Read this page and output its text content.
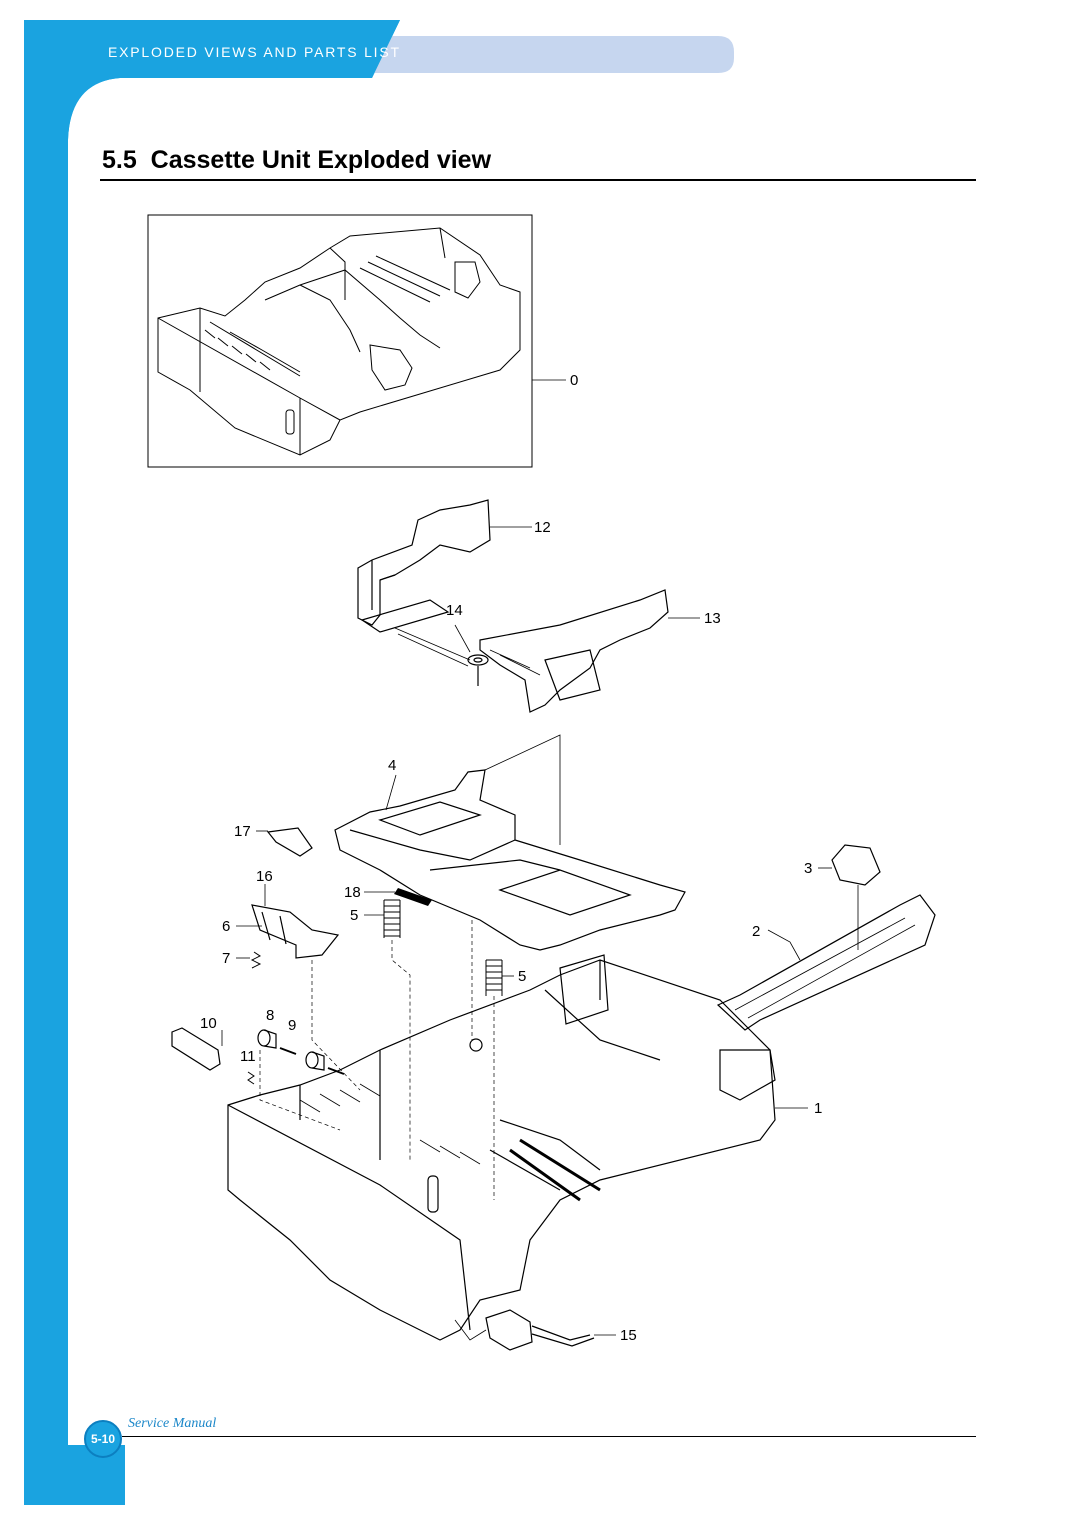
EXPLODED VIEWS AND PARTS LIST
5.5  Cassette Unit Exploded view
0
1
2
3
4
5
5
6
7
8
9
10
11
12
13
14
15
16
17
18
5-10
Service Manual
